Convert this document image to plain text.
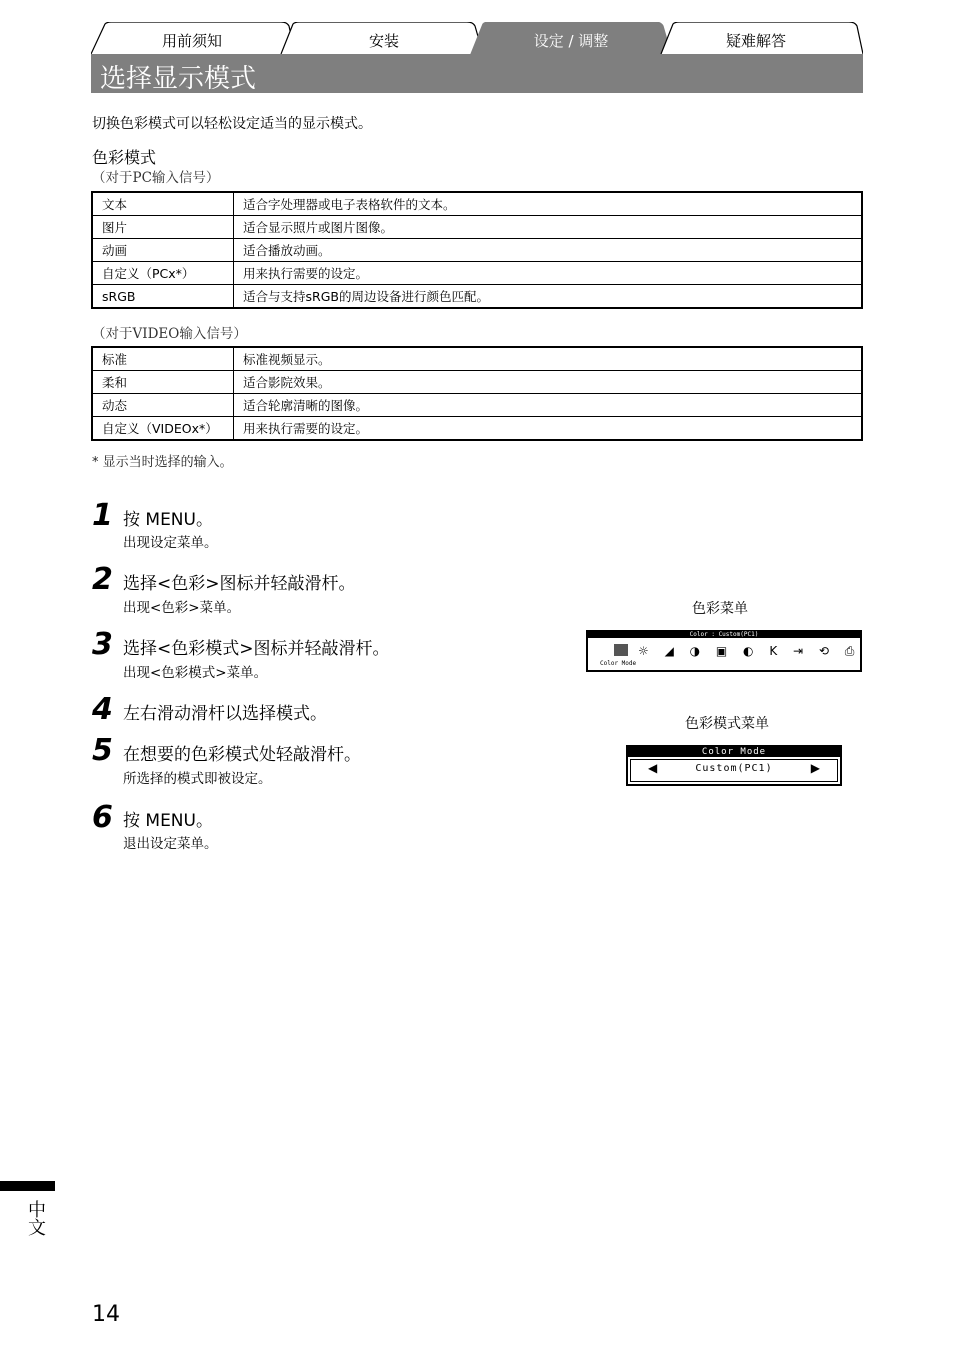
用前须知	安装	设定 / 调整	疑难解答
选择显示模式
切换色彩模式可以轻松设定适当的显示模式。
色彩模式
（对于PC输入信号）
文本	适合字处理器或电子表格软件的文本。
图片	适合显示照片或图片图像。
动画	适合播放动画。
自定义（PCx*）	用来执行需要的设定。
sRGB	适合与支持sRGB的周边设备进行颜色匹配。
（对于VIDEO输入信号）
标准	标准视频显示。
柔和	适合影院效果。
动态	适合轮廓清晰的图像。
自定义（VIDEOx*）	用来执行需要的设定。
* 显示当时选择的输入。
1 按 MENU。
出现设定菜单。
2 选择<色彩>图标并轻敲滑杆。
出现<色彩>菜单。
3 选择<色彩模式>图标并轻敲滑杆。
出现<色彩模式>菜单。
4 左右滑动滑杆以选择模式。
5 在想要的色彩模式处轻敲滑杆。
所选择的模式即被设定。
6 按 MENU。
退出设定菜单。
色彩菜单
Color : Custom(PC1)
☼ ◢ ◑ ▣ ◐ K ⇥ ⟲ ⎙
Color Mode
色彩模式菜单
Color Mode
◀	Custom(PC1)	▶
中文
14
